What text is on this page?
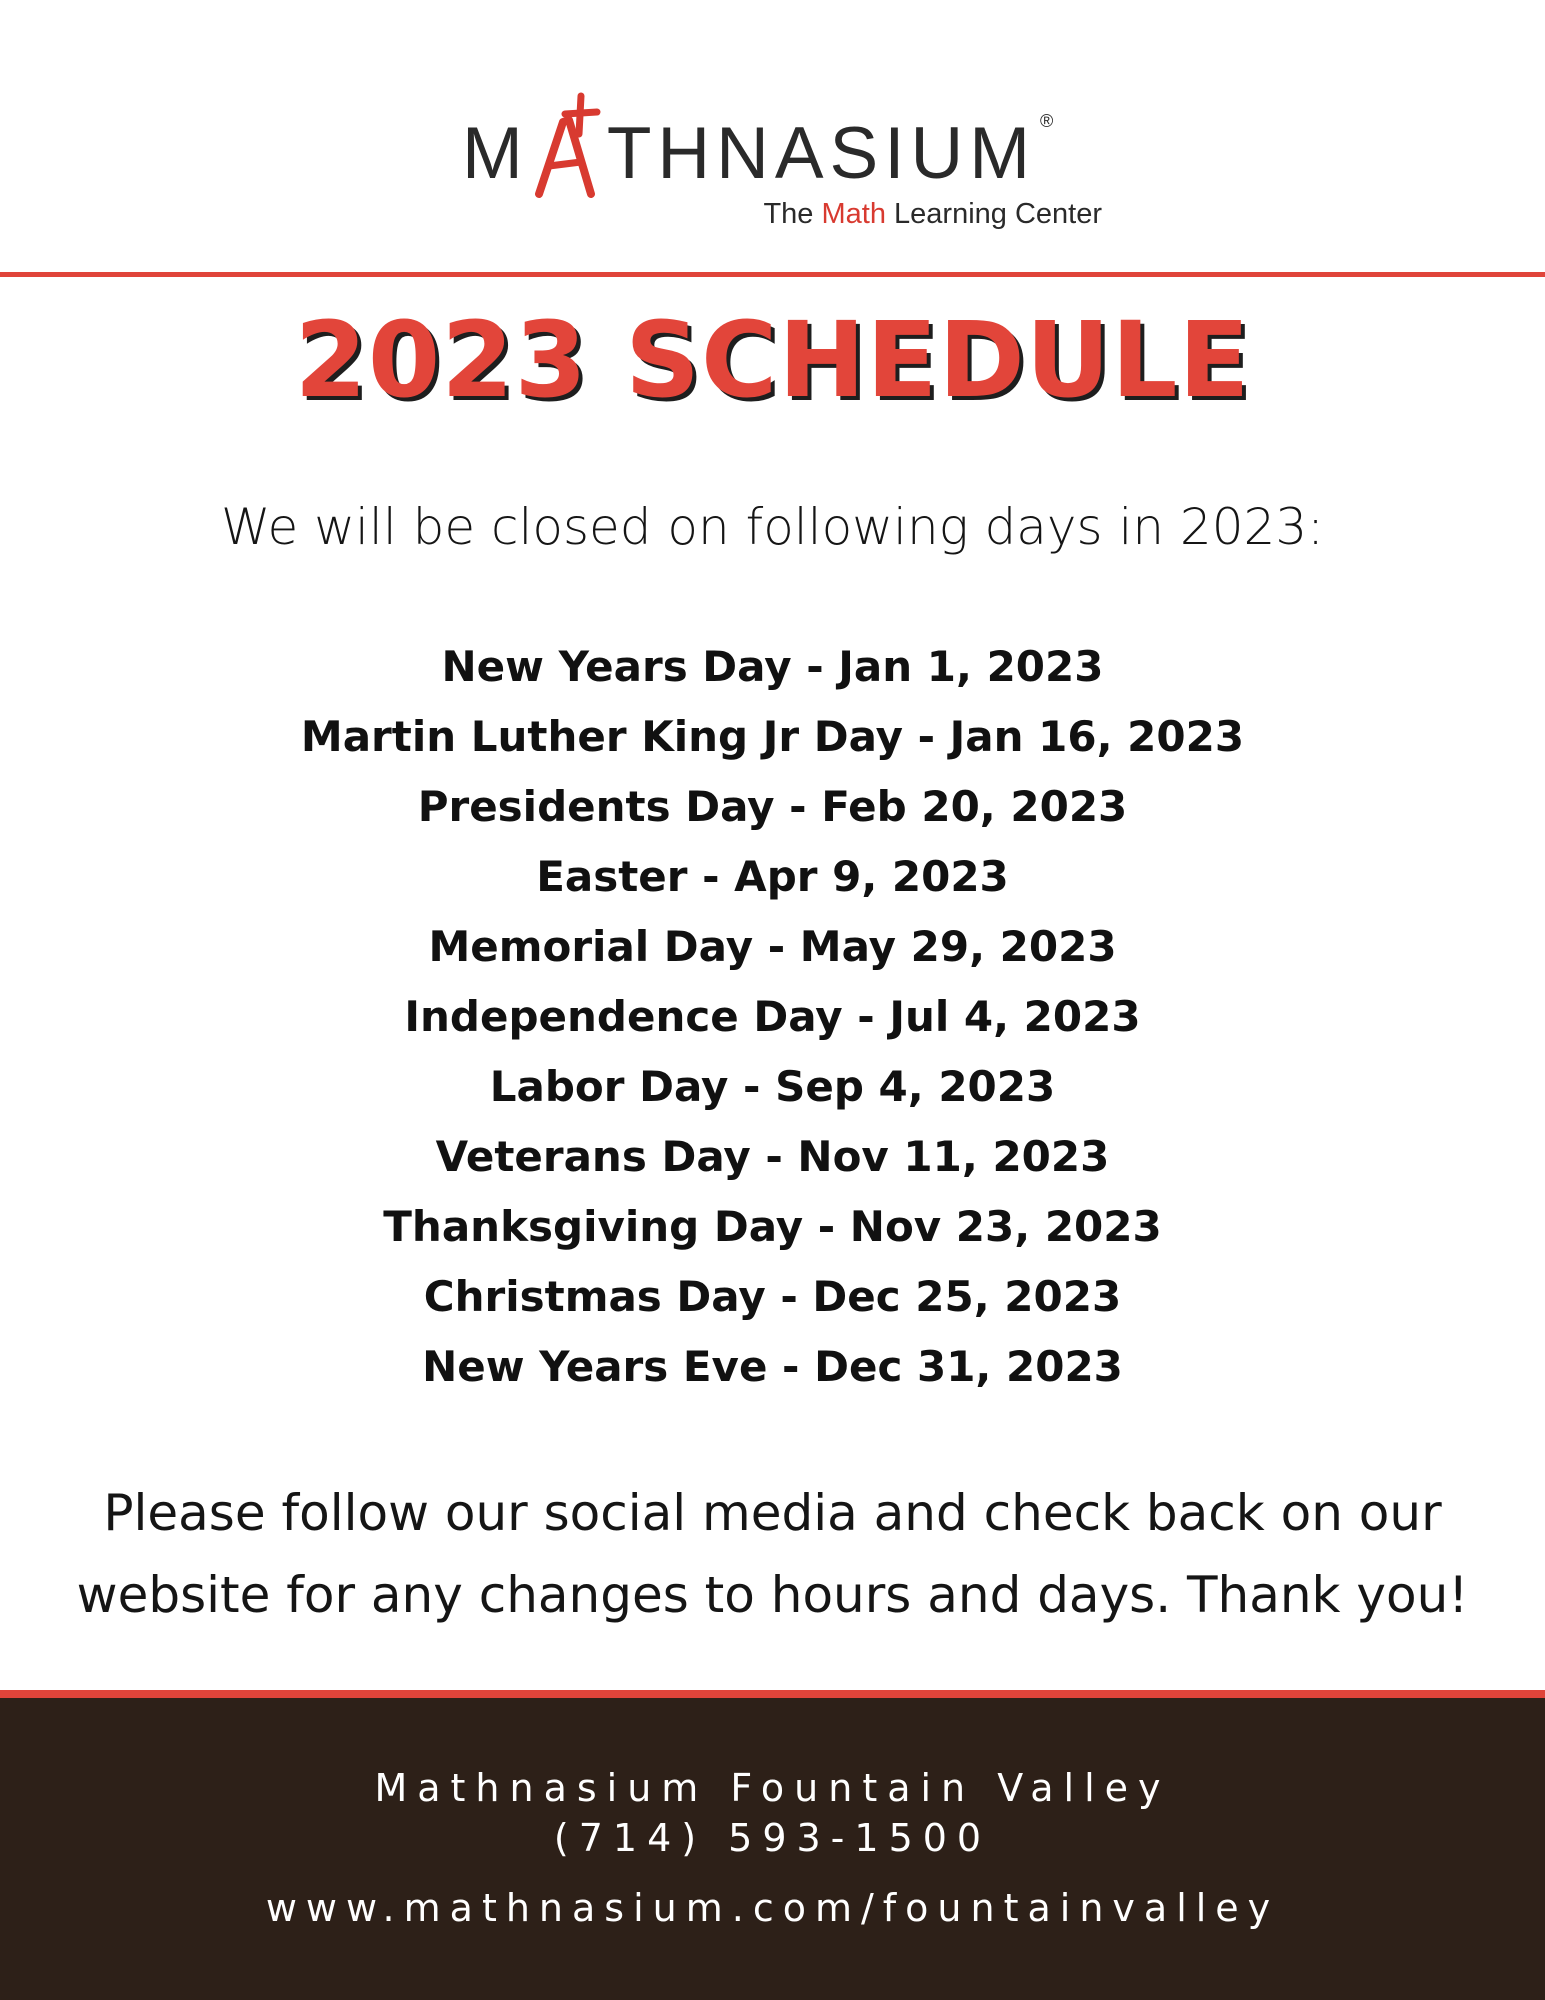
M THNASIUM ®
The Math Learning Center
2023 SCHEDULE
We will be closed on following days in 2023:
New Years Day - Jan 1, 2023
Martin Luther King Jr Day - Jan 16, 2023
Presidents Day - Feb 20, 2023
Easter - Apr 9, 2023
Memorial Day - May 29, 2023
Independence Day - Jul 4, 2023
Labor Day - Sep 4, 2023
Veterans Day - Nov 11, 2023
Thanksgiving Day - Nov 23, 2023
Christmas Day - Dec 25, 2023
New Years Eve - Dec 31, 2023
Please follow our social media and check back on our
website for any changes to hours and days. Thank you!
Mathnasium Fountain Valley
(714) 593-1500
www.mathnasium.com/fountainvalley
